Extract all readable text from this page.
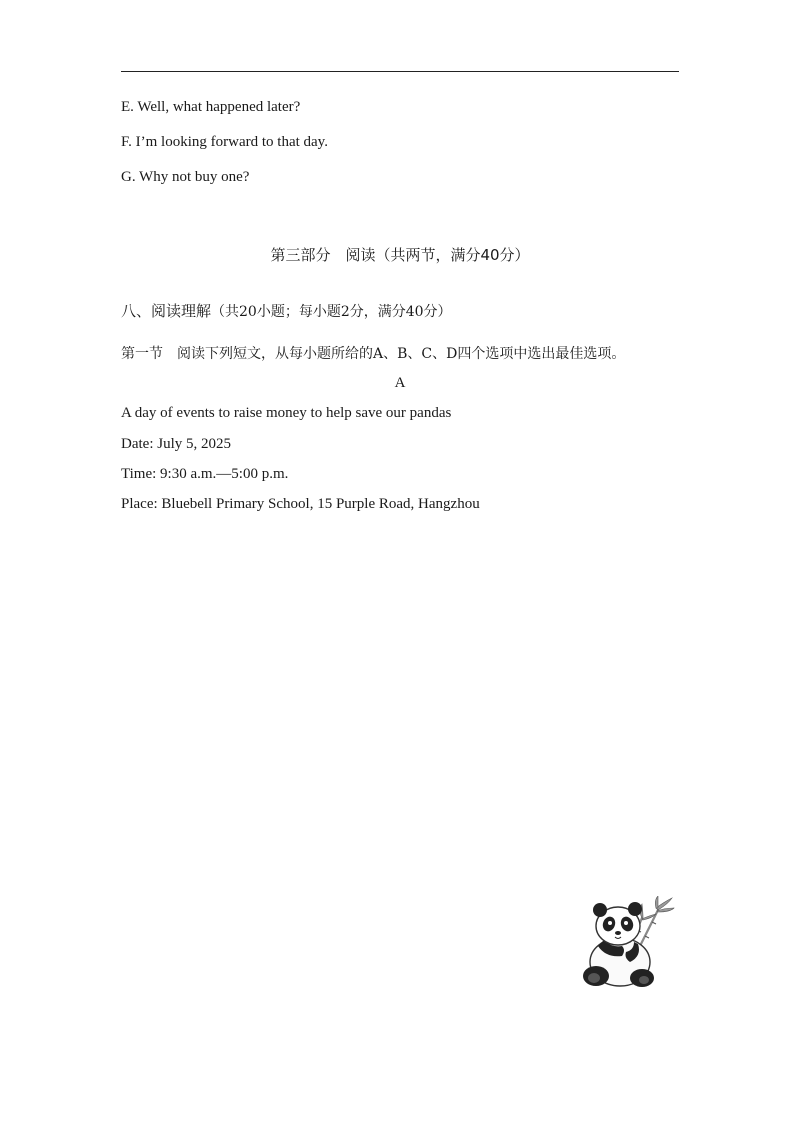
E. Well, what happened later?
F. I’m looking forward to that day.
G. Why not buy one?
第三部分　阅读（共两节，满分40分）
八、阅读理解（共20小题；每小题2分，满分40分）
第一节　阅读下列短文，从每小题所给的A、B、C、D四个选项中选出最佳选项。
A
A day of events to raise money to help save our pandas
Date: July 5, 2025
Time: 9:30 a.m.—5:00 p.m.
Place: Bluebell Primary School, 15 Purple Road, Hangzhou
